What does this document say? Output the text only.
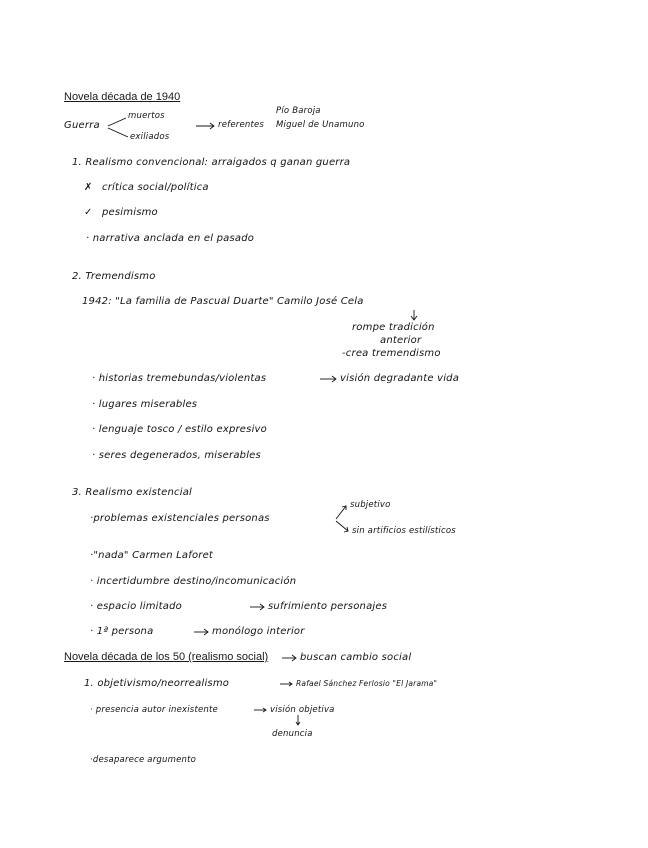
Novela década de 1940
Guerra
muertos
exiliados
referentes
Pío Baroja
Miguel de Unamuno
1. Realismo convencional: arraigados q ganan guerra
✗ crítica social/política
✓ pesimismo
· narrativa anclada en el pasado
2. Tremendismo
1942: "La familia de Pascual Duarte" Camilo José Cela
rompe tradición
anterior
-crea tremendismo
· historias tremebundas/violentas	visión degradante vida
· lugares miserables
· lenguaje tosco / estilo expresivo
· seres degenerados, miserables
3. Realismo existencial
·problemas existenciales personas
subjetivo
sin artificios estilísticos
·"nada" Carmen Laforet
· incertidumbre destino/incomunicación
· espacio limitado	sufrimiento personajes
· 1ª persona	monólogo interior
Novela década de los 50 (realismo social)	buscan cambio social
1. objetivismo/neorrealismo	Rafael Sánchez Ferlosio "El Jarama"
· presencia autor inexistente	visión objetiva
denuncia
·desaparece argumento
